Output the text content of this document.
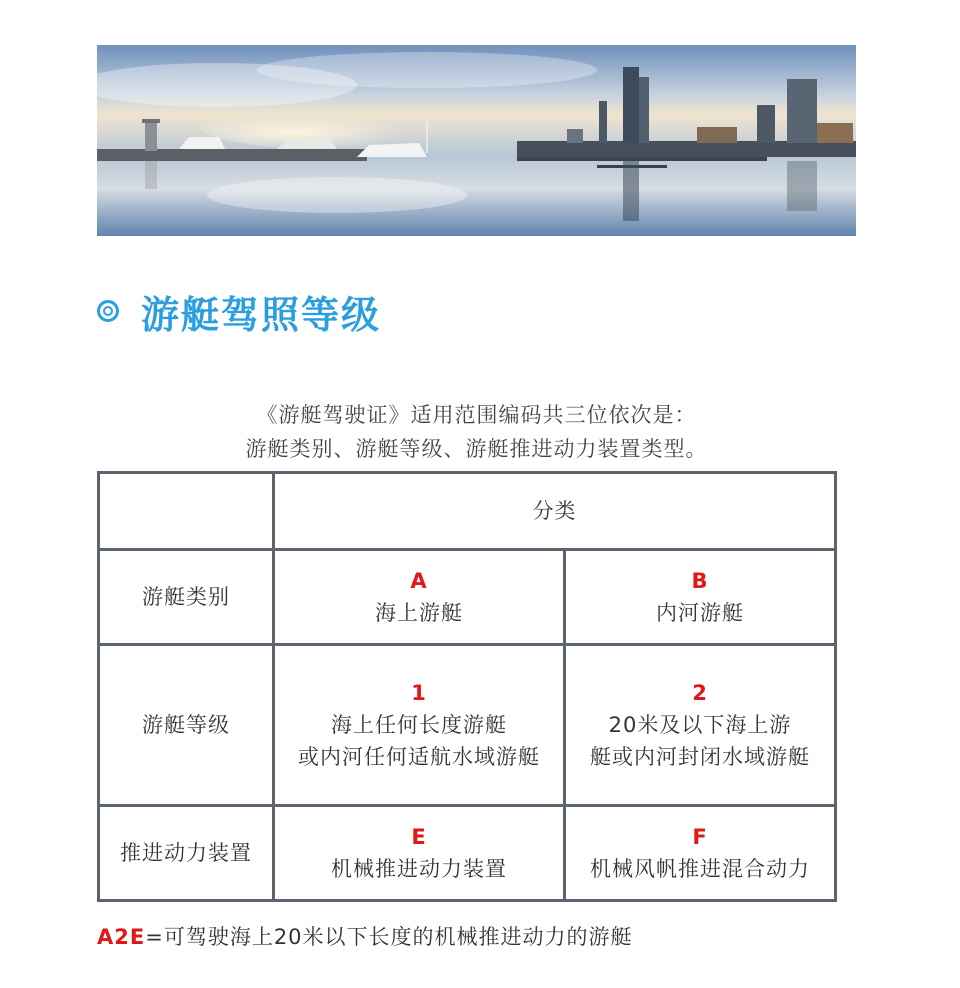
游艇驾照等级
《游艇驾驶证》适用范围编码共三位依次是：
游艇类别、游艇等级、游艇推进动力装置类型。
分类
游艇类别
A
海上游艇
B
内河游艇
游艇等级
1
海上任何长度游艇
或内河任何适航水域游艇
2
20米及以下海上游
艇或内河封闭水域游艇
推进动力装置
E
机械推进动力装置
F
机械风帆推进混合动力
A2E=可驾驶海上20米以下长度的机械推进动力的游艇
